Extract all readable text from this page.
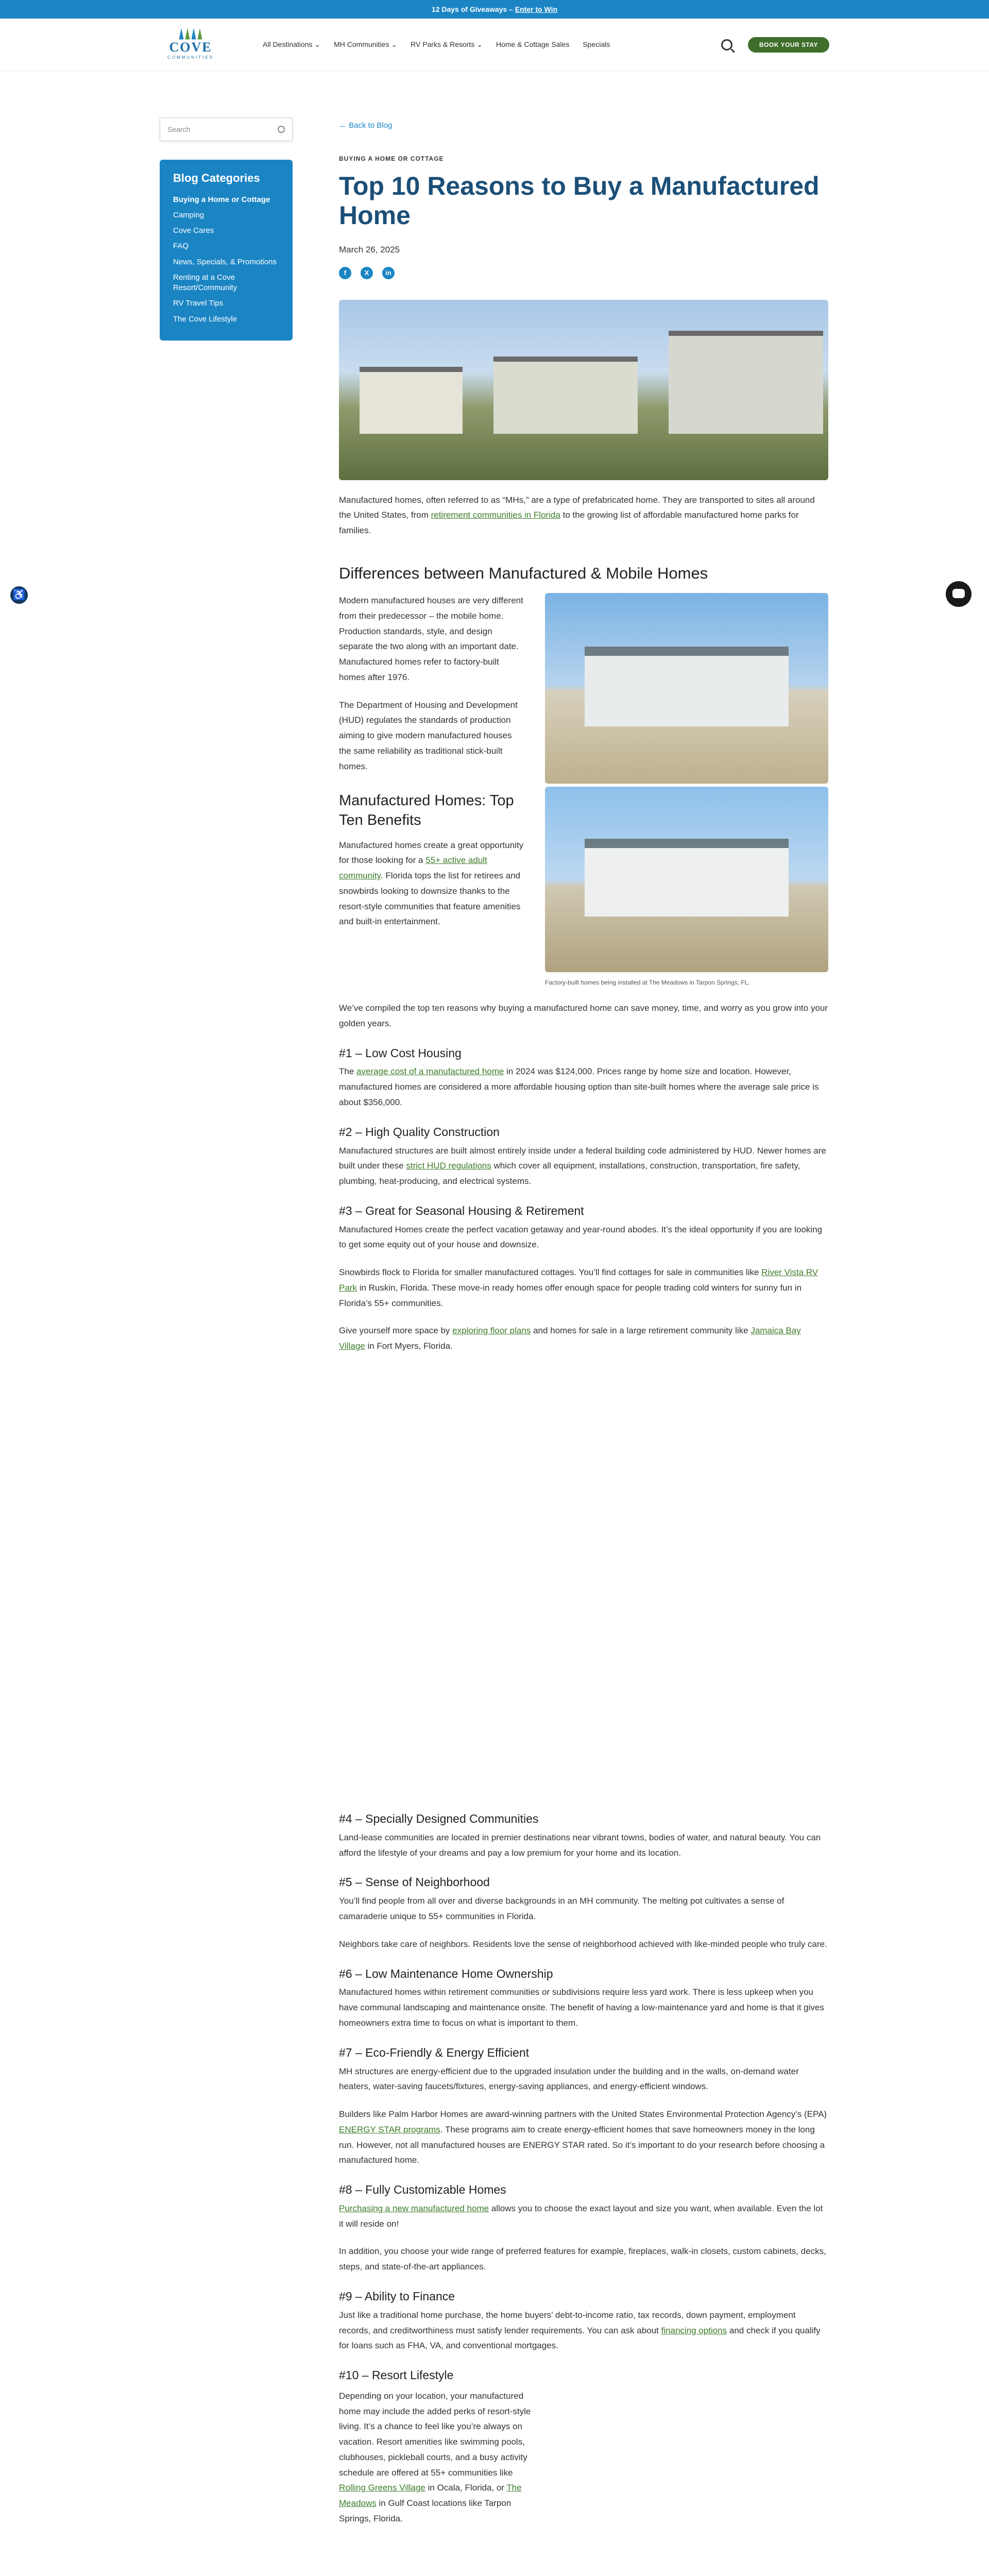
12 Days of Giveaways – Enter to Win
COVE
COMMUNITIES
All Destinations ⌄ MH Communities ⌄ RV Parks & Resorts ⌄ Home & Cottage Sales Specials	BOOK YOUR STAY
♿
Search
Blog Categories
Buying a Home or Cottage
Camping
Cove Cares
FAQ
News, Specials, & Promotions
Renting at a Cove Resort/Community
RV Travel Tips
The Cove Lifestyle
← Back to Blog
BUYING A HOME OR COTTAGE
Top 10 Reasons to Buy a Manufactured Home
March 26, 2025
f	X	in

Manufactured homes, often referred to as “MHs,” are a type of prefabricated home. They are transported to sites all around the United States, from retirement communities in Florida to the growing list of affordable manufactured home parks for families.

Differences between Manufactured & Mobile Homes

Modern manufactured houses are very different from their predecessor – the mobile home. Production standards, style, and design separate the two along with an important date. Manufactured homes refer to factory-built homes after 1976.

The Department of Housing and Development (HUD) regulates the standards of production aiming to give modern manufactured houses the same reliability as traditional stick-built homes.

Manufactured Homes: Top Ten Benefits

Manufactured homes create a great opportunity for those looking for a 55+ active adult community. Florida tops the list for retirees and snowbirds looking to downsize thanks to the resort-style communities that feature amenities and built-in entertainment.

Factory-built homes being installed at The Meadows in Tarpon Springs, FL.

We’ve compiled the top ten reasons why buying a manufactured home can save money, time, and worry as you grow into your golden years.

#1 – Low Cost Housing

The average cost of a manufactured home in 2024 was $124,000. Prices range by home size and location. However, manufactured homes are considered a more affordable housing option than site-built homes where the average sale price is about $356,000.

#2 – High Quality Construction

Manufactured structures are built almost entirely inside under a federal building code administered by HUD. Newer homes are built under these strict HUD regulations which cover all equipment, installations, construction, transportation, fire safety, plumbing, heat-producing, and electrical systems.

#3 – Great for Seasonal Housing & Retirement

Manufactured Homes create the perfect vacation getaway and year-round abodes. It’s the ideal opportunity if you are looking to get some equity out of your house and downsize.

Snowbirds flock to Florida for smaller manufactured cottages. You’ll find cottages for sale in communities like River Vista RV Park in Ruskin, Florida. These move-in ready homes offer enough space for people trading cold winters for sunny fun in Florida’s 55+ communities.

Give yourself more space by exploring floor plans and homes for sale in a large retirement community like Jamaica Bay Village in Fort Myers, Florida.

#4 – Specially Designed Communities

Land-lease communities are located in premier destinations near vibrant towns, bodies of water, and natural beauty. You can afford the lifestyle of your dreams and pay a low premium for your home and its location.

#5 – Sense of Neighborhood

You’ll find people from all over and diverse backgrounds in an MH community. The melting pot cultivates a sense of camaraderie unique to 55+ communities in Florida.

Neighbors take care of neighbors. Residents love the sense of neighborhood achieved with like-minded people who truly care.

#6 – Low Maintenance Home Ownership

Manufactured homes within retirement communities or subdivisions require less yard work. There is less upkeep when you have communal landscaping and maintenance onsite. The benefit of having a low-maintenance yard and home is that it gives homeowners extra time to focus on what is important to them.

#7 – Eco-Friendly & Energy Efficient

MH structures are energy-efficient due to the upgraded insulation under the building and in the walls, on-demand water heaters, water-saving faucets/fixtures, energy-saving appliances, and energy-efficient windows.

Builders like Palm Harbor Homes are award-winning partners with the United States Environmental Protection Agency’s (EPA) ENERGY STAR programs. These programs aim to create energy-efficient homes that save homeowners money in the long run. However, not all manufactured houses are ENERGY STAR rated. So it’s important to do your research before choosing a manufactured home.

#8 – Fully Customizable Homes

Purchasing a new manufactured home allows you to choose the exact layout and size you want, when available. Even the lot it will reside on!

In addition, you choose your wide range of preferred features for example, fireplaces, walk-in closets, custom cabinets, decks, steps, and state-of-the-art appliances.

#9 – Ability to Finance

Just like a traditional home purchase, the home buyers’ debt-to-income ratio, tax records, down payment, employment records, and creditworthiness must satisfy lender requirements. You can ask about financing options and check if you qualify for loans such as FHA, VA, and conventional mortgages.

#10 – Resort Lifestyle

Depending on your location, your manufactured home may include the added perks of resort-style living. It’s a chance to feel like you’re always on vacation. Resort amenities like swimming pools, clubhouses, pickleball courts, and a busy activity schedule are offered at 55+ communities like Rolling Greens Village in Ocala, Florida, or The Meadows in Gulf Coast locations like Tarpon Springs, Florida.
